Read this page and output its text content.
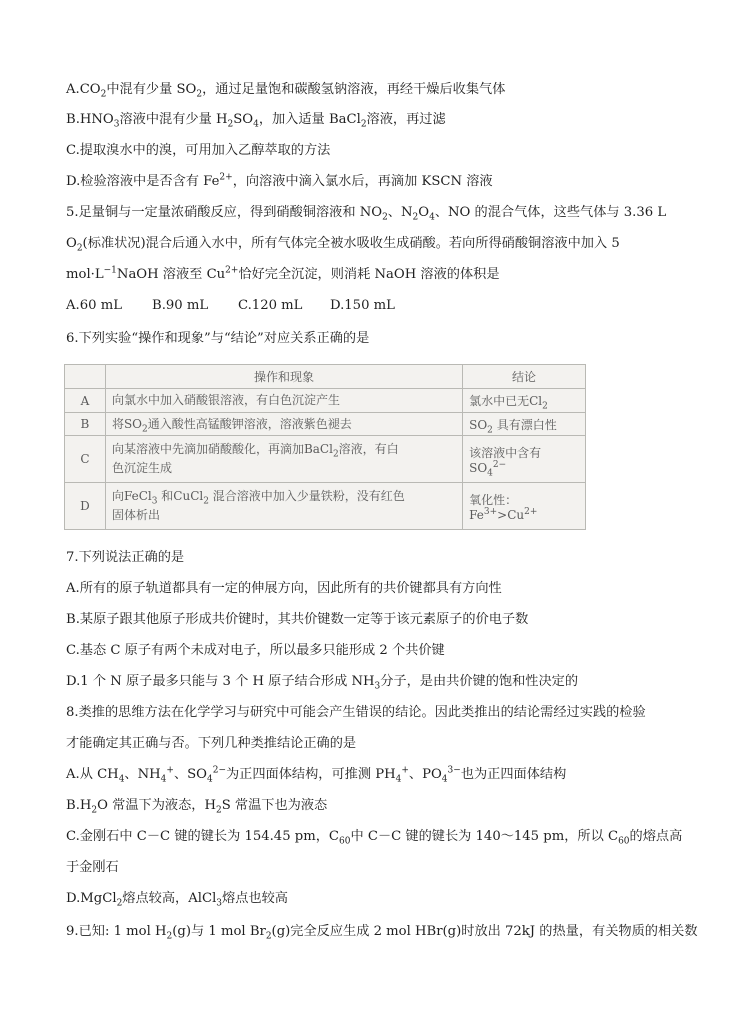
$A.CO_2$中混有少量 $SO_2$，通过足量饱和碳酸氢钠溶液，再经干燥后收集气体
$B.HNO_3$溶液中混有少量 $H_2SO_4$，加入适量 BaCl$_2$溶液，再过滤
C.提取溴水中的溴，可用加入乙醇萃取的方法
D.检验溶液中是否含有 $Fe^{2+}$，向溶液中滴入氯水后，再滴加 KSCN 溶液
5.足量铜与一定量浓硝酸反应，得到硝酸铜溶液和 $NO_2$、$N_2O_4$、NO 的混合气体，这些气体与 3.36 L
$O_2$(标准状况)混合后通入水中，所有气体完全被水吸收生成硝酸。若向所得硝酸铜溶液中加入 5
$mol\cdot L^{-1}NaOH$ 溶液至 $Cu^{2+}$恰好完全沉淀，则消耗 NaOH 溶液的体积是
A.60 mL B.90 mL C.120 mL D.150 mL
6.下列实验“操作和现象”与“结论”对应关系正确的是
	操作和现象	结论
A	向氯水中加入硝酸银溶液，有白色沉淀产生	氯水中已无$Cl_2$
B	将$SO_2$通入酸性高锰酸钾溶液，溶液紫色褪去	$SO_2$ 具有漂白性
C	向某溶液中先滴加硝酸酸化，再滴加BaCl$_2$溶液，有白
色沉淀生成	该溶液中含有 $SO_4^{2-}$
D	向FeCl$_3$ 和CuCl$_2$ 混合溶液中加入少量铁粉，没有红色
固体析出	氧化性：$Fe^{3+}>Cu^{2+}$
7.下列说法正确的是
A.所有的原子轨道都具有一定的伸展方向，因此所有的共价键都具有方向性
B.某原子跟其他原子形成共价键时，其共价键数一定等于该元素原子的价电子数
C.基态 C 原子有两个未成对电子，所以最多只能形成 2 个共价键
D.1 个 N 原子最多只能与 3 个 H 原子结合形成 $NH_3$分子，是由共价键的饱和性决定的
8.类推的思维方法在化学学习与研究中可能会产生错误的结论。因此类推出的结论需经过实践的检验
才能确定其正确与否。下列几种类推结论正确的是
A.从 $CH_4$、$NH_4^+$、$SO_4^{2-}$为正四面体结构，可推测 $PH_4^+$、$PO_4^{3-}$也为正四面体结构
$B.H_2O$ 常温下为液态，$H_2S$ 常温下也为液态
C.金刚石中 C－C 键的键长为 154.45 pm，$C_{60}$中 C－C 键的键长为 140～145 pm，所以 $C_{60}$的熔点高
于金刚石
D.MgCl$_2$熔点较高，AlCl$_3$熔点也较高
9.已知: 1 mol $H_2(g)$与 1 mol $Br_2(g)$完全反应生成 2 mol HBr(g)时放出 72kJ 的热量，有关物质的相关数
